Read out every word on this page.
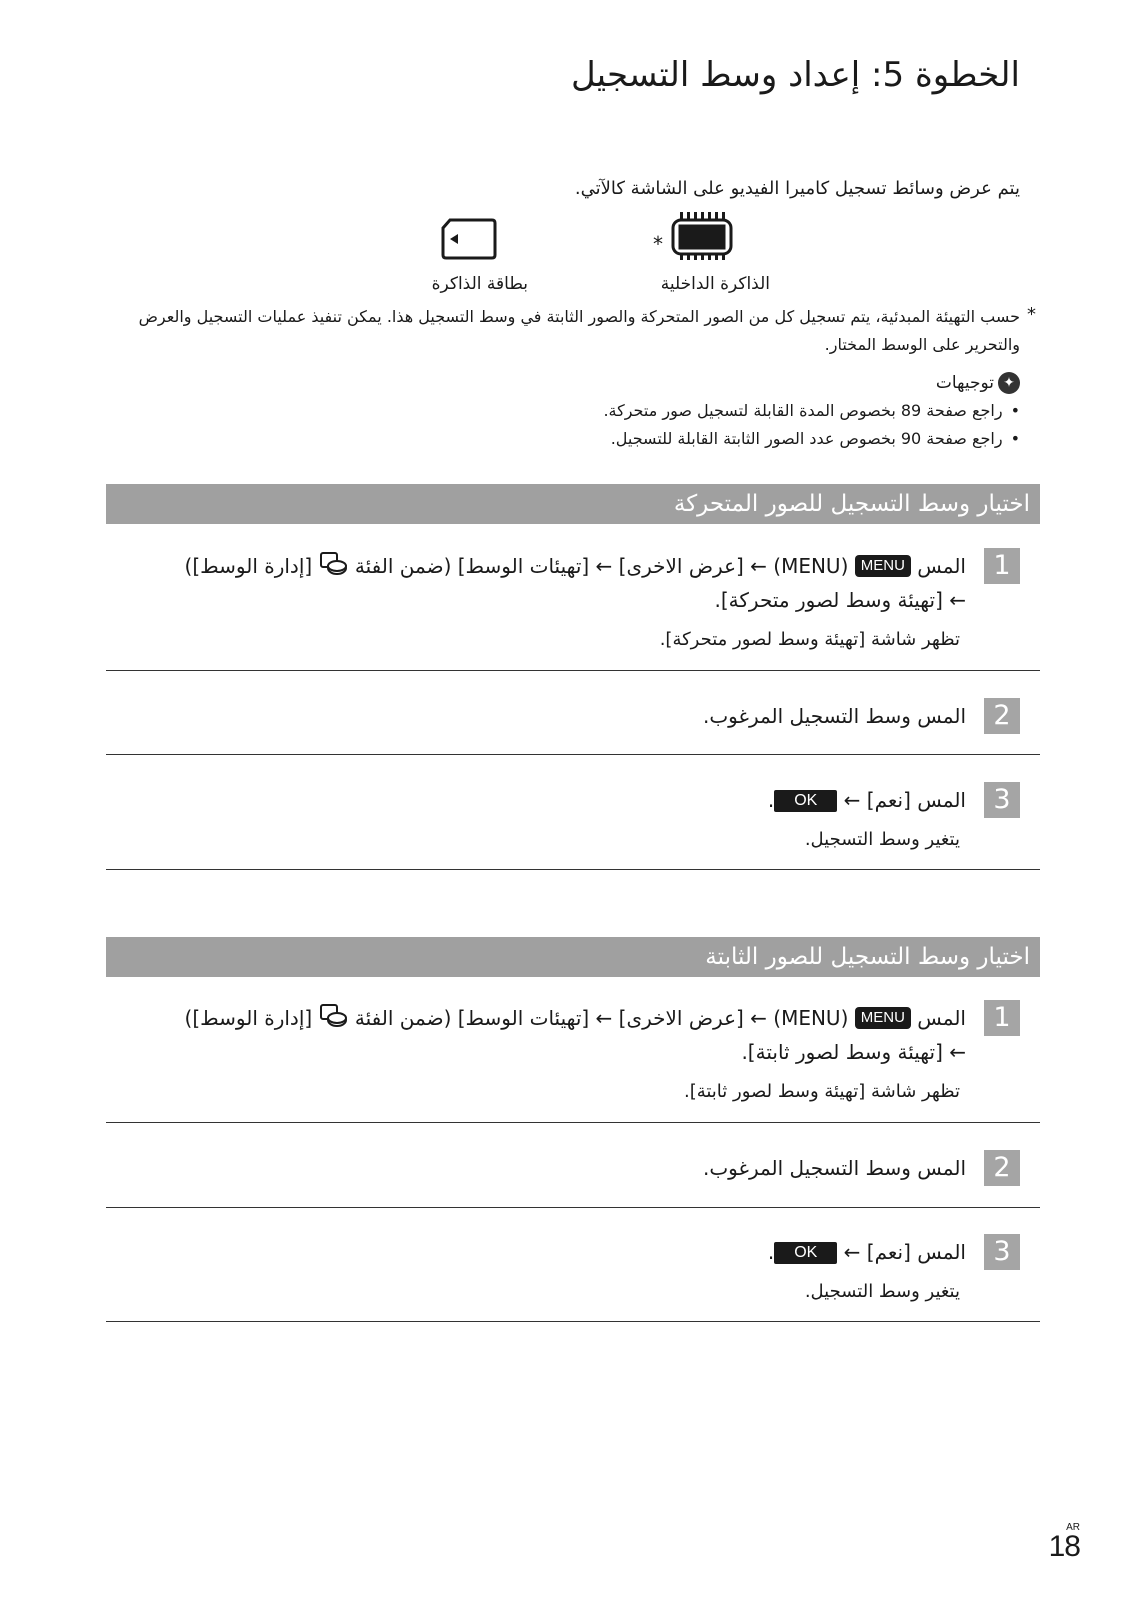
الخطوة 5: إعداد وسط التسجيل
يتم عرض وسائط تسجيل كاميرا الفيديو على الشاشة كالآتي.
*
الذاكرة الداخلية
بطاقة الذاكرة
*
حسب التهيئة المبدئية، يتم تسجيل كل من الصور المتحركة والصور الثابتة في وسط التسجيل هذا. يمكن تنفيذ عمليات التسجيل والعرض والتحرير على الوسط المختار.
✦
توجيهات
• راجع صفحة 89 بخصوص المدة القابلة لتسجيل صور متحركة.
• راجع صفحة 90 بخصوص عدد الصور الثابتة القابلة للتسجيل.
اختيار وسط التسجيل للصور المتحركة
1
المس MENU (MENU) ← [عرض الاخرى] ← [تهيئات الوسط] (ضمن الفئة  [إدارة الوسط])
← [تهيئة وسط لصور متحركة].
تظهر شاشة [تهيئة وسط لصور متحركة].
2
المس وسط التسجيل المرغوب.
3
المس [نعم] ← OK.
يتغير وسط التسجيل.
اختيار وسط التسجيل للصور الثابتة
1
المس MENU (MENU) ← [عرض الاخرى] ← [تهيئات الوسط] (ضمن الفئة  [إدارة الوسط])
← [تهيئة وسط لصور ثابتة].
تظهر شاشة [تهيئة وسط لصور ثابتة].
2
المس وسط التسجيل المرغوب.
3
المس [نعم] ← OK.
يتغير وسط التسجيل.
AR
18
